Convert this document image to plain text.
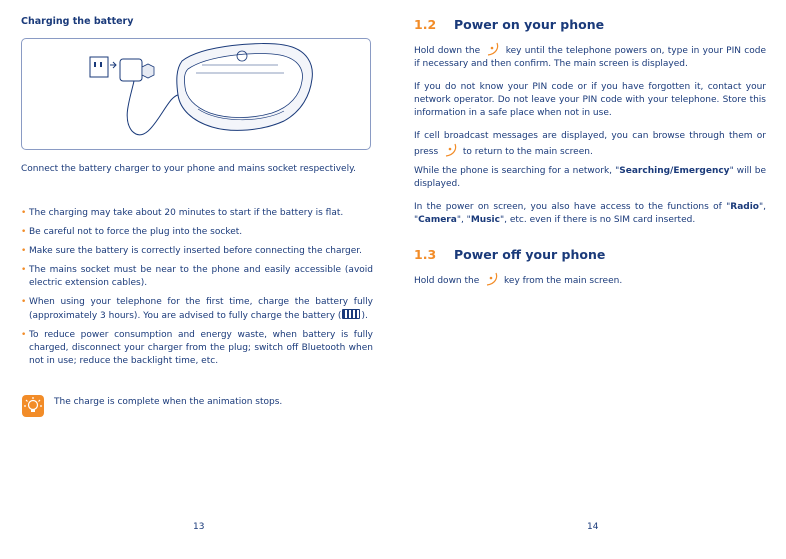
Charging the battery

Connect the battery charger to your phone and mains socket respectively.

• The charging may take about 20 minutes to start if the battery is flat.
• Be careful not to force the plug into the socket.
• Make sure the battery is correctly inserted before connecting the charger.
• The mains socket must be near to the phone and easily accessible (avoid electric extension cables).
• When using your telephone for the first time, charge the battery fully (approximately 3 hours). You are advised to fully charge the battery ( ).
• To reduce power consumption and energy waste, when battery is fully charged, disconnect your charger from the plug; switch off Bluetooth when not in use; reduce the backlight time, etc.
The charge is complete when the animation stops.
13
1.2 Power on your phone

Hold down the	key until the telephone powers on, type in your PIN code if necessary and then confirm. The main screen is displayed.

If you do not know your PIN code or if you have forgotten it, contact your network operator. Do not leave your PIN code with your telephone. Store this information in a safe place when not in use.

If cell broadcast messages are displayed, you can browse through them or press	to return to the main screen.

While the phone is searching for a network, "Searching/Emergency" will be displayed.

In the power on screen, you also have access to the functions of "Radio", "Camera", "Music", etc. even if there is no SIM card inserted.

1.3 Power off your phone

Hold down the	key from the main screen.

14
